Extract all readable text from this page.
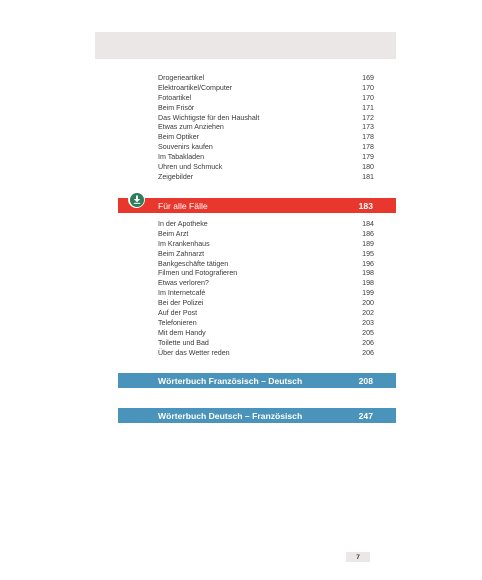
Drogerieartikel	169
Elektroartikel/Computer	170
Fotoartikel	170
Beim Frisör	171
Das Wichtigste für den Haushalt	172
Etwas zum Anziehen	173
Beim Optiker	178
Souvenirs kaufen	178
Im Tabakladen	179
Uhren und Schmuck	180
Zeigebilder	181
Für alle Fälle	183
In der Apotheke	184
Beim Arzt	186
Im Krankenhaus	189
Beim Zahnarzt	195
Bankgeschäfte tätigen	196
Filmen und Fotografieren	198
Etwas verloren?	198
Im Internetcafé	199
Bei der Polizei	200
Auf der Post	202
Telefonieren	203
Mit dem Handy	205
Toilette und Bad	206
Über das Wetter reden	206
Wörterbuch Französisch – Deutsch	208
Wörterbuch Deutsch – Französisch	247
7
